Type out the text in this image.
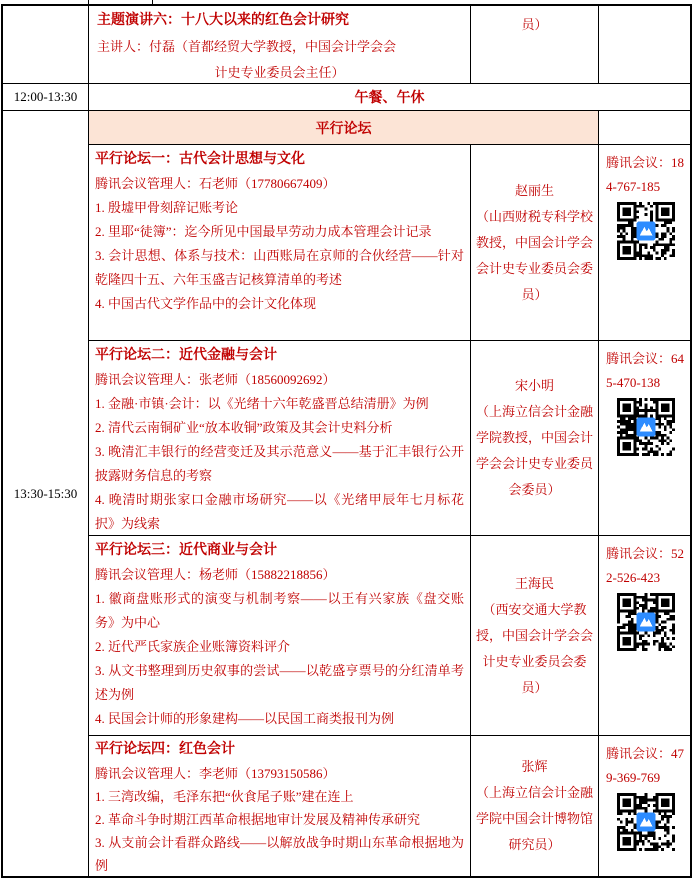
主题演讲六：十八大以来的红色会计研究
主讲人：付磊（首都经贸大学教授，中国会计学会会
计史专业委员会主任）
员）
12:00-13:30	午餐、午休
13:30-15:30
平行论坛
平行论坛一：古代会计思想与文化
腾讯会议管理人：石老师（17780667409）
1. 殷墟甲骨刻辞记账考论
2. 里耶“徒簿”：迄今所见中国最早劳动力成本管理会计记录
3. 会计思想、体系与技术：山西账局在京师的合伙经营——针对乾隆四十五、六年玉盛吉记核算清单的考述
4. 中国古代文学作品中的会计文化体现
赵丽生
（山西财税专科学校教授，中国会计学会会计史专业委员会委员）
腾讯会议：184-767-185
平行论坛二：近代金融与会计
腾讯会议管理人：张老师（18560092692）
1. 金融·市镇·会计：以《光绪十六年乾盛晋总结清册》为例
2. 清代云南铜矿业“放本收铜”政策及其会计史料分析
3. 晚清汇丰银行的经营变迁及其示范意义——基于汇丰银行公开披露财务信息的考察
4. 晚清时期张家口金融市场研究——以《光绪甲辰年七月标花択》为线索
宋小明
（上海立信会计金融学院教授，中国会计学会会计史专业委员会委员）
腾讯会议：645-470-138
平行论坛三：近代商业与会计
腾讯会议管理人：杨老师（15882218856）
1. 徽商盘账形式的演变与机制考察——以王有兴家族《盘交账务》为中心
2. 近代严氏家族企业账簿资料评介
3. 从文书整理到历史叙事的尝试——以乾盛亨票号的分红清单考述为例
4. 民国会计师的形象建构——以民国工商类报刊为例
王海民
（西安交通大学教授，中国会计学会会计史专业委员会委员）
腾讯会议：522-526-423
平行论坛四：红色会计
腾讯会议管理人：李老师（13793150586）
1. 三湾改编，毛泽东把“伙食尾子账”建在连上
2. 革命斗争时期江西革命根据地审计发展及精神传承研究
3. 从支前会计看群众路线——以解放战争时期山东革命根据地为例
张辉
（上海立信会计金融学院中国会计博物馆研究员）
腾讯会议：479-369-769
